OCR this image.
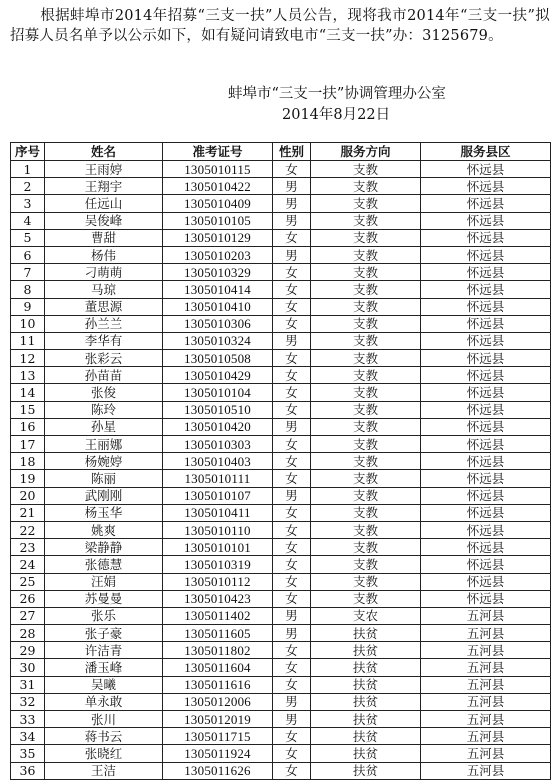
根据蚌埠市2014年招募“三支一扶”人员公告，现将我市2014年“三支一扶”拟招募人员名单予以公示如下，如有疑问请致电市“三支一扶”办：3125679。
蚌埠市“三支一扶”协调管理办公室
2014年8月22日
序号	姓名	准考证号	性别	服务方向	服务县区
1	王雨婷	1305010115	女	支教	怀远县
2	王翔宇	1305010422	男	支教	怀远县
3	任远山	1305010409	男	支教	怀远县
4	吴俊峰	1305010105	男	支教	怀远县
5	曹甜	1305010129	女	支教	怀远县
6	杨伟	1305010203	男	支教	怀远县
7	刁萌萌	1305010329	女	支教	怀远县
8	马琼	1305010414	女	支教	怀远县
9	董思源	1305010410	女	支教	怀远县
10	孙兰兰	1305010306	女	支教	怀远县
11	李华有	1305010324	男	支教	怀远县
12	张彩云	1305010508	女	支教	怀远县
13	孙苗苗	1305010429	女	支教	怀远县
14	张俊	1305010104	女	支教	怀远县
15	陈玲	1305010510	女	支教	怀远县
16	孙星	1305010420	男	支教	怀远县
17	王丽娜	1305010303	女	支教	怀远县
18	杨婉婷	1305010403	女	支教	怀远县
19	陈丽	1305010111	女	支教	怀远县
20	武刚刚	1305010107	男	支教	怀远县
21	杨玉华	1305010411	女	支教	怀远县
22	姚爽	1305010110	女	支教	怀远县
23	梁静静	1305010101	女	支教	怀远县
24	张德慧	1305010319	女	支教	怀远县
25	汪娟	1305010112	女	支教	怀远县
26	苏曼曼	1305010423	女	支教	怀远县
27	张乐	1305011402	男	支农	五河县
28	张子豪	1305011605	男	扶贫	五河县
29	许洁青	1305011802	女	扶贫	五河县
30	潘玉峰	1305011604	女	扶贫	五河县
31	吴曦	1305011616	女	扶贫	五河县
32	单永敢	1305012006	男	扶贫	五河县
33	张川	1305012019	男	扶贫	五河县
34	蒋书云	1305011715	女	扶贫	五河县
35	张晓红	1305011924	女	扶贫	五河县
36	王洁	1305011626	女	扶贫	五河县
